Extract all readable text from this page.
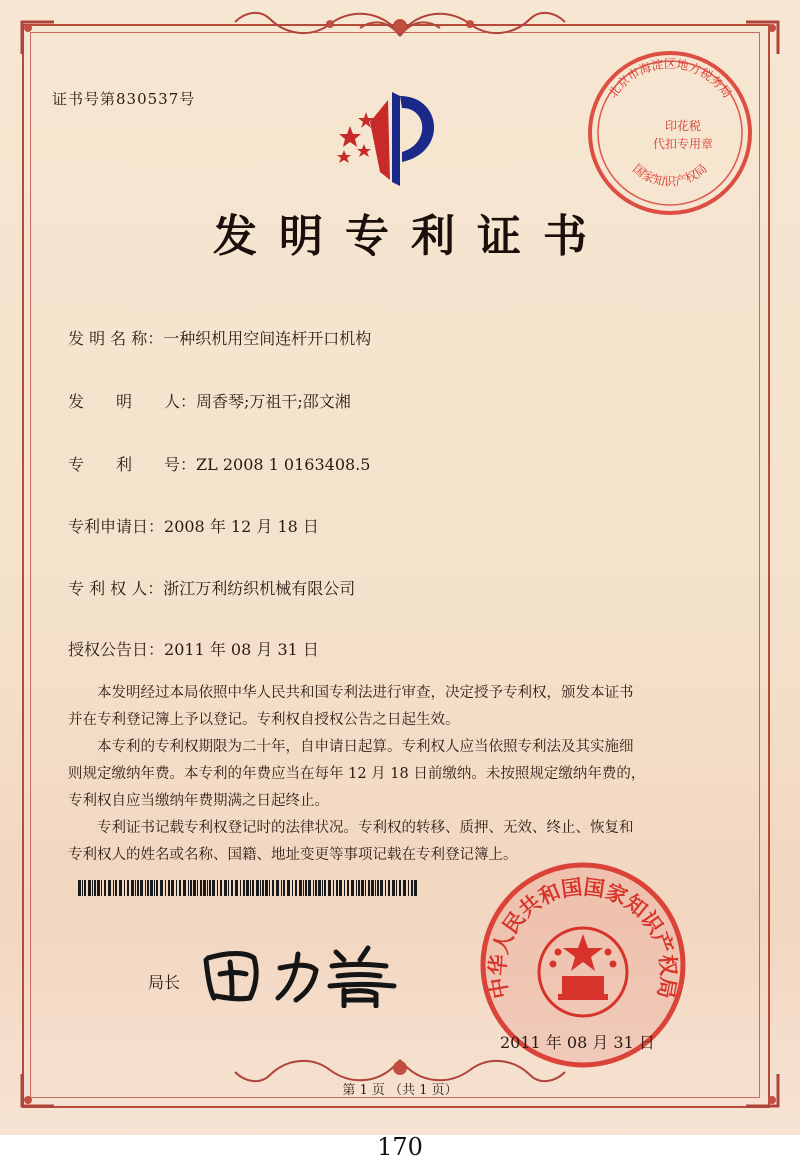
证书号第830537号	北京市海淀区地方税务局
印花税
代扣专用章
国家知识产权局
发明专利证书
发 明 名 称：一种织机用空间连杆开口机构
发　　明　　人：周香琴;万祖干;邵文湘
专　　利　　号：ZL 2008 1 0163408.5
专利申请日：2008 年 12 月 18 日
专 利 权 人：浙江万利纺织机械有限公司
授权公告日：2011 年 08 月 31 日
　　本发明经过本局依照中华人民共和国专利法进行审查，决定授予专利权，颁发本证书
并在专利登记簿上予以登记。专利权自授权公告之日起生效。
　　本专利的专利权期限为二十年，自申请日起算。专利权人应当依照专利法及其实施细
则规定缴纳年费。本专利的年费应当在每年 12 月 18 日前缴纳。未按照规定缴纳年费的，
专利权自应当缴纳年费期满之日起终止。
　　专利证书记载专利权登记时的法律状况。专利权的转移、质押、无效、终止、恢复和
专利权人的姓名或名称、国籍、地址变更等事项记载在专利登记簿上。
局长	中华人民共和国国家知识产权局
2011 年 08 月 31 日
第 1 页 （共 1 页）
170
